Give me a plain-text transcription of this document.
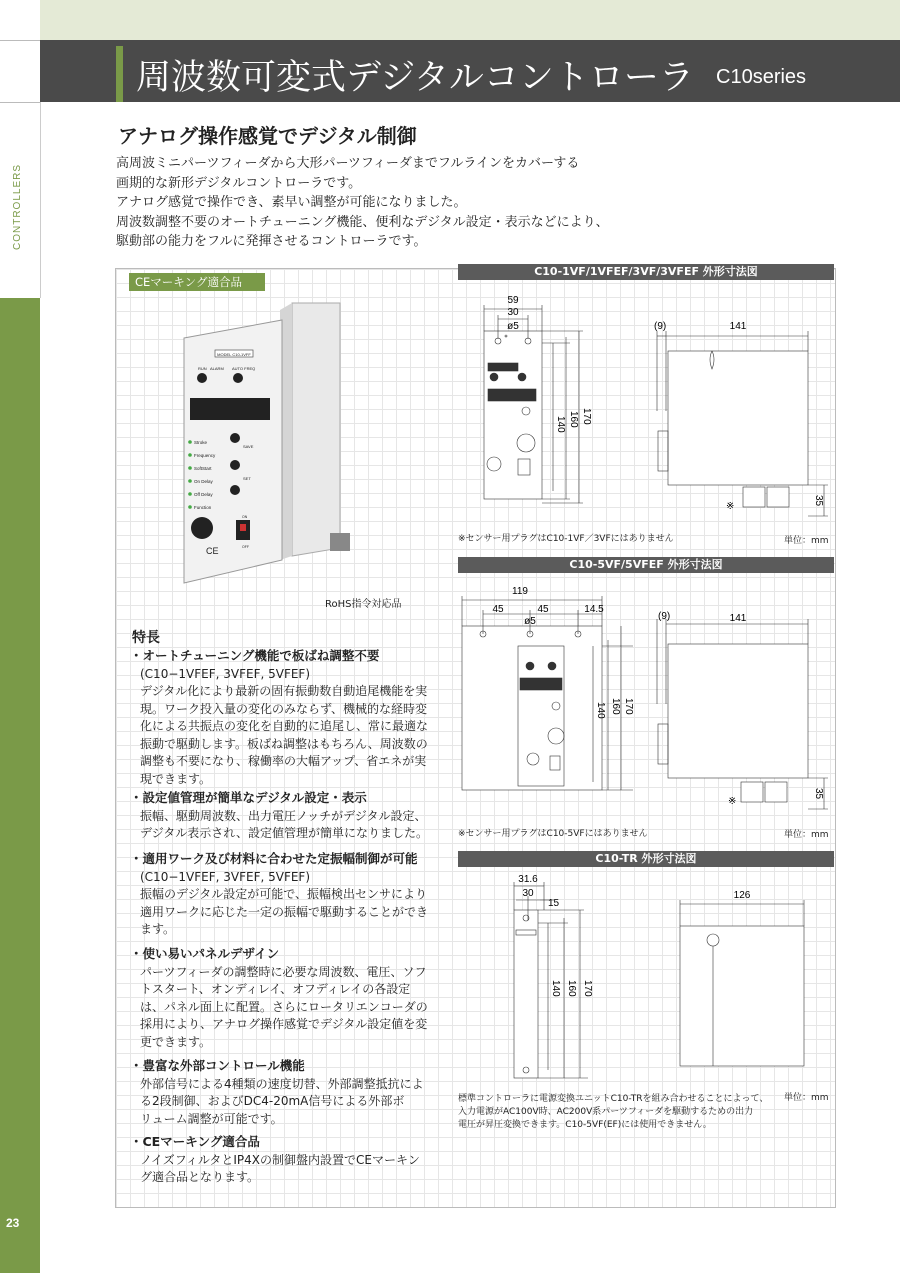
CONTROLLERS
23
周波数可変式デジタルコントローラ C10series
アナログ操作感覚でデジタル制御
高周波ミニパーツフィーダから大形パーツフィーダまでフルラインをカバーする
画期的な新形デジタルコントローラです。
アナログ感覚で操作でき、素早い調整が可能になりました。
周波数調整不要のオートチューニング機能、便利なデジタル設定・表示などにより、
駆動部の能力をフルに発揮させるコントローラです。
CEマーキング適合品
MODEL C10-1VFF
RUN ALARM AUTO FREQ
Stroke
Frequency
SoftStart
On Delay
Off Delay
Function
SAVE
SET
ON
OFF
CE
RoHS指令対応品
特長
・オートチューニング機能で板ばね調整不要
(C10−1VFEF, 3VFEF, 5VFEF)
デジタル化により最新の固有振動数自動追尾機能を実
現。ワーク投入量の変化のみならず、機械的な経時変
化による共振点の変化を自動的に追尾し、常に最適な
振動で駆動します。板ばね調整はもちろん、周波数の
調整も不要になり、稼働率の大幅アップ、省エネが実
現できます。
・設定値管理が簡単なデジタル設定・表示
振幅、駆動周波数、出力電圧ノッチがデジタル設定、
デジタル表示され、設定値管理が簡単になりました。
・適用ワーク及び材料に合わせた定振幅制御が可能
(C10−1VFEF, 3VFEF, 5VFEF)
振幅のデジタル設定が可能で、振幅検出センサにより
適用ワークに応じた一定の振幅で駆動することができ
ます。
・使い易いパネルデザイン
パーツフィーダの調整時に必要な周波数、電圧、ソフ
トスタート、オンディレイ、オフディレイの各設定
は、パネル面上に配置。さらにロータリエンコーダの
採用により、アナログ操作感覚でデジタル設定値を変
更できます。
・豊富な外部コントロール機能
外部信号による4種類の速度切替、外部調整抵抗によ
る2段制御、およびDC4-20mA信号による外部ボ
リューム調整が可能です。
・CEマーキング適合品
ノイズフィルタとIP4Xの制御盤内設置でCEマーキン
グ適合品となります。
C10-1VF/1VFEF/3VF/3VFEF 外形寸法図
59
30
ø5
140 160 170
(9)	141
35
※
※センサー用プラグはC10-1VF／3VFにはありません	単位：mm
C10-5VF/5VFEF 外形寸法図
119
45	45	14.5
ø5
140 160 170
(9)	141
35
※
※センサー用プラグはC10-5VFにはありません	単位：mm
C10-TR 外形寸法図
31.6
30
15
140 160 170
126
単位：mm
標準コントローラに電源変換ユニットC10-TRを組み合わせることによって、
入力電源がAC100V時、AC200V系パーツフィーダを駆動するための出力
電圧が昇圧変換できます。C10-5VF(EF)には使用できません。
